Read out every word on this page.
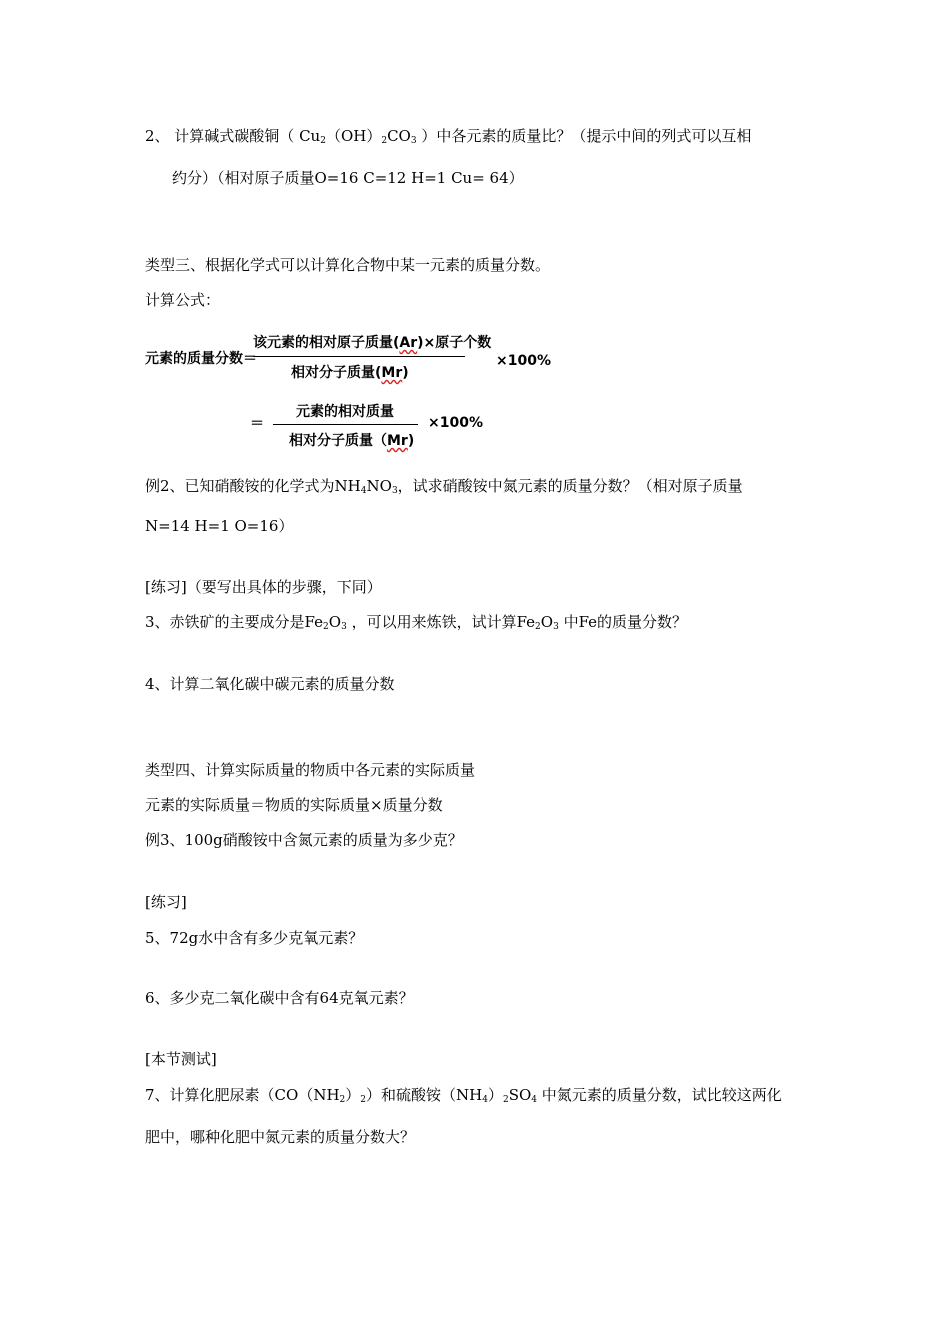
2、 计算碱式碳酸铜（ $Cu_2(OH)_2CO_3$ ）中各元素的质量比？（提示中间的列式可以互相
约分）（相对原子质量O=16 C=12 H=1 Cu= 64）
类型三、根据化学式可以计算化合物中某一元素的质量分数。
计算公式：
元素的质量分数＝
该元素的相对原子质量(Ar)×原子个数
相对分子质量(Mr)
×100%
＝
元素的相对质量
相对分子质量（Mr)
×100%
例2、已知硝酸铵的化学式为$NH_4NO_3$，试求硝酸铵中氮元素的质量分数？（相对原子质量
N=14 H=1 O=16）
[练习]（要写出具体的步骤，下同）
3、赤铁矿的主要成分是$Fe_2O_3$ ，可以用来炼铁，试计算$Fe_2O_3$ 中Fe的质量分数？
4、计算二氧化碳中碳元素的质量分数
类型四、计算实际质量的物质中各元素的实际质量
元素的实际质量＝物质的实际质量×质量分数
例3、100g硝酸铵中含氮元素的质量为多少克？
[练习]
5、72g水中含有多少克氧元素？
6、多少克二氧化碳中含有64克氧元素？
[本节测试]
7、计算化肥尿素$(CO(NH_2)_2)$和硫酸铵$(NH_4)_2SO_4$ 中氮元素的质量分数，试比较这两化
肥中，哪种化肥中氮元素的质量分数大？
